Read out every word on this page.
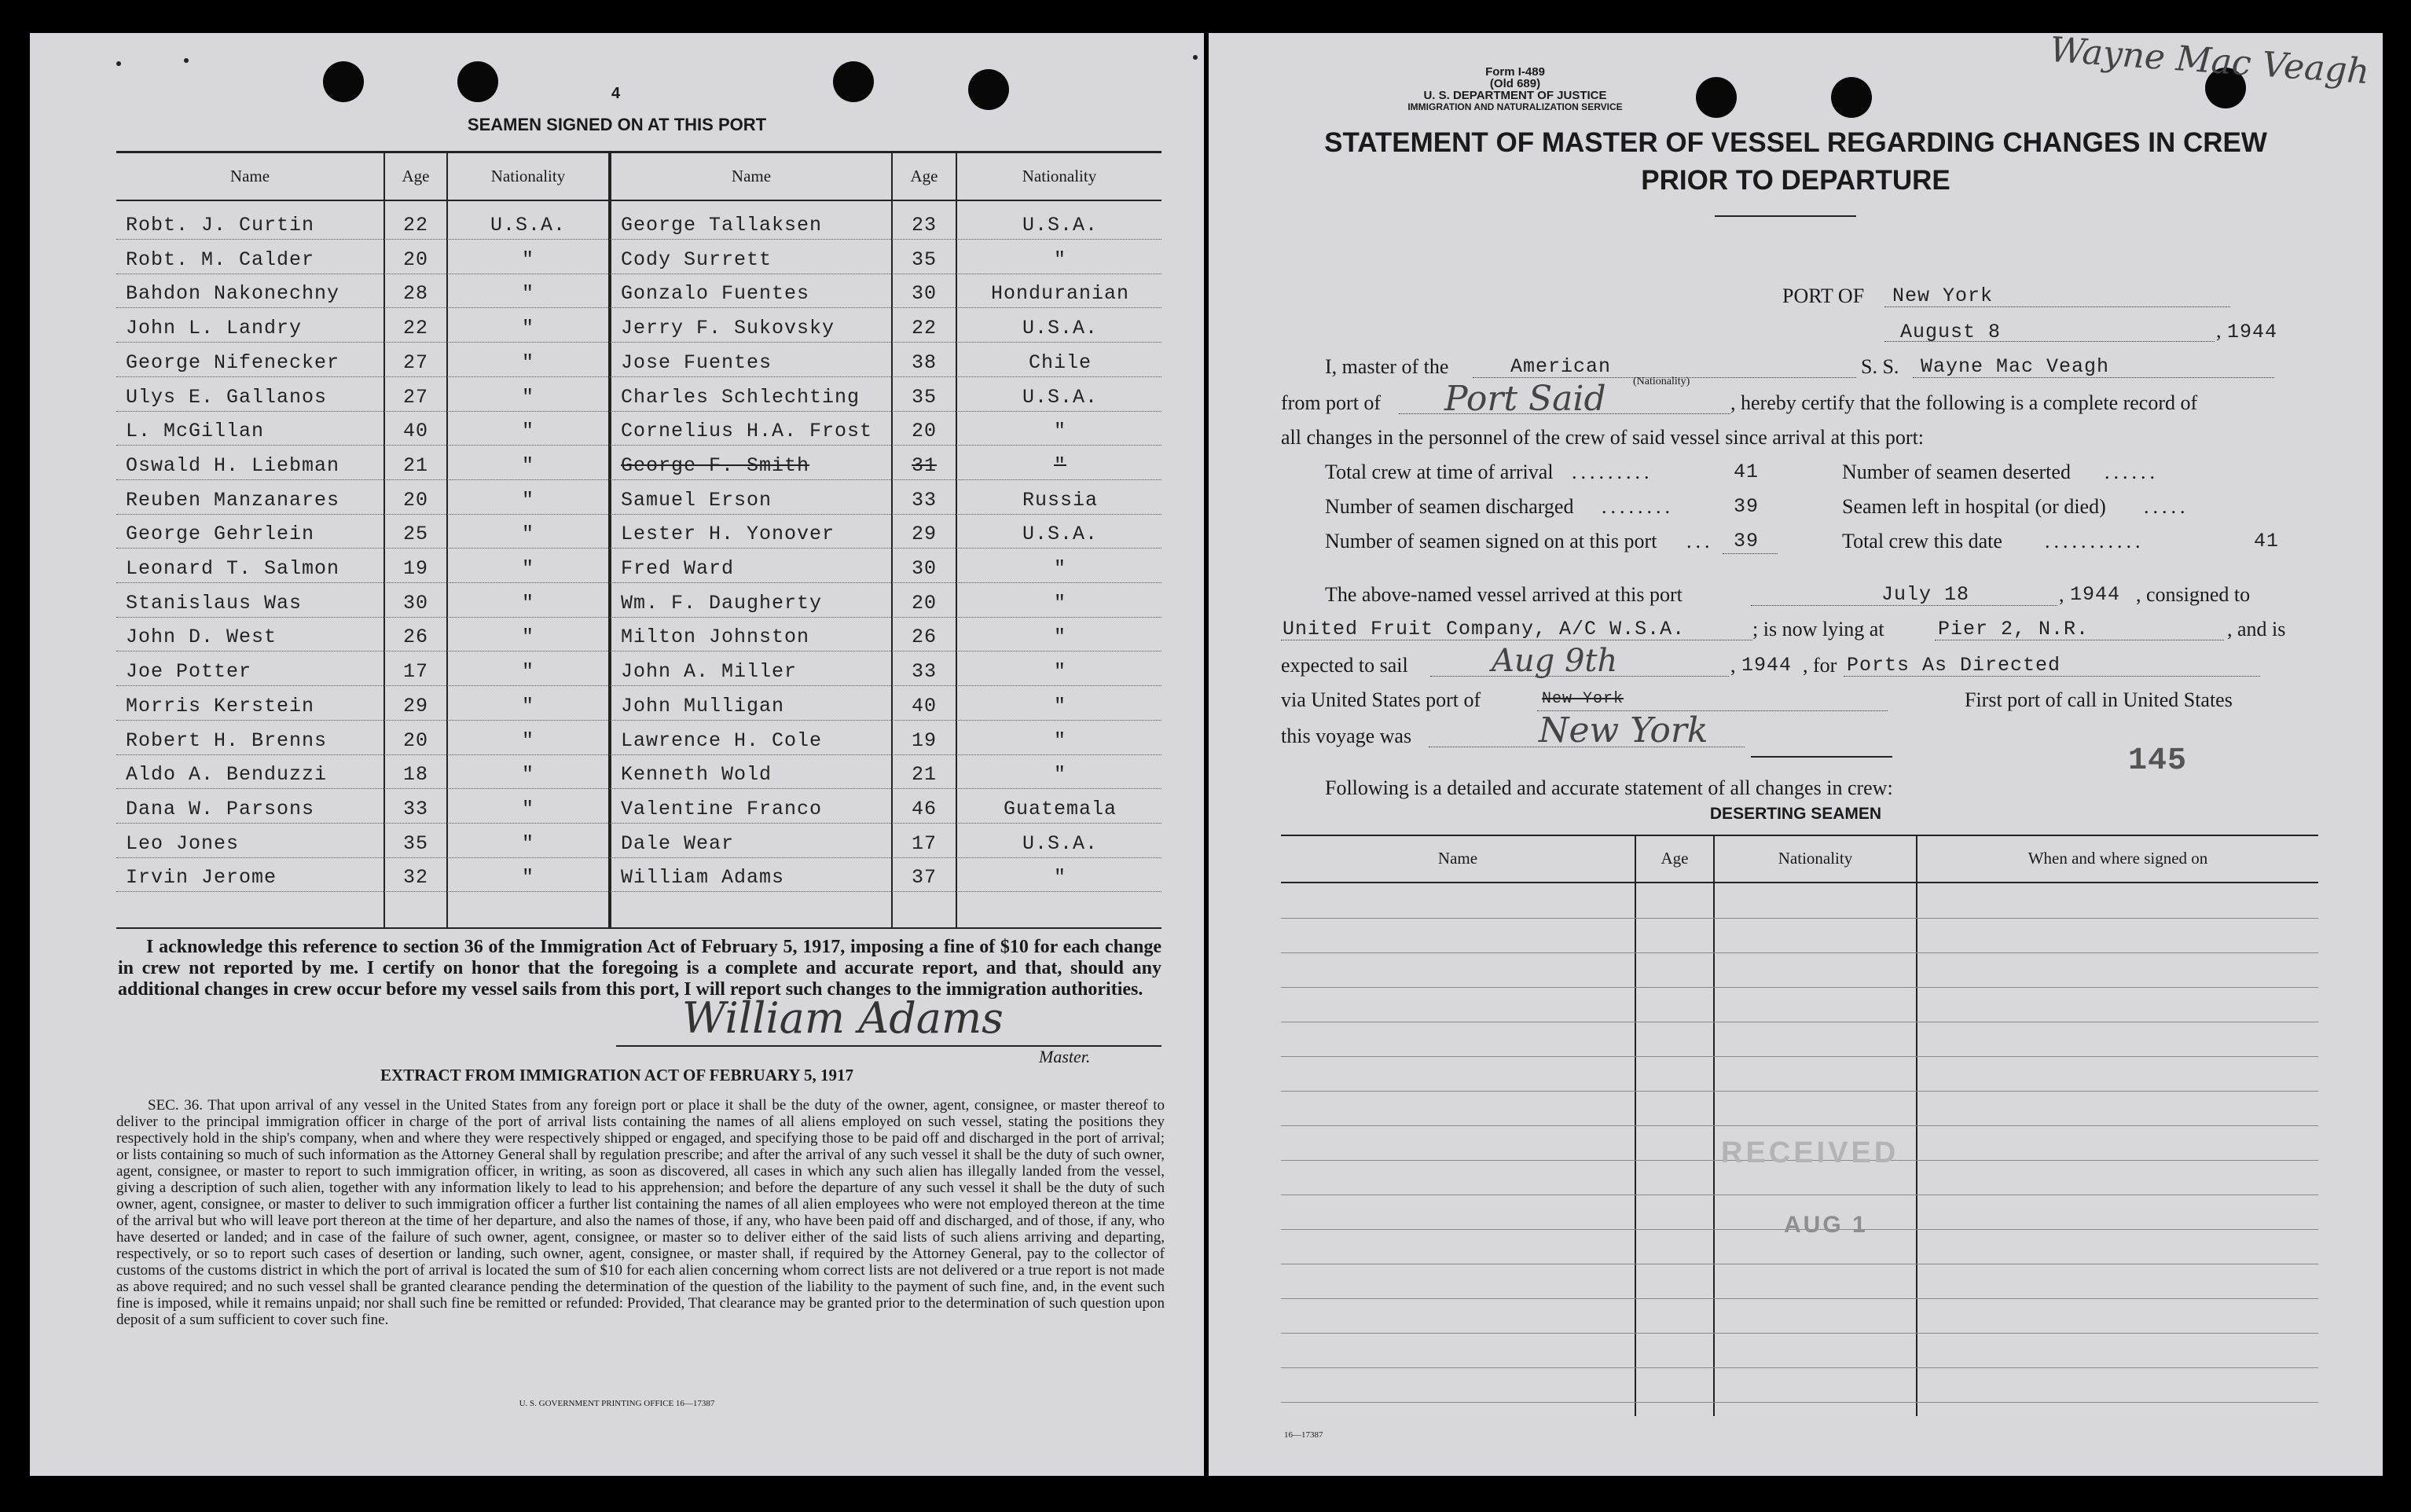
4
SEAMEN SIGNED ON AT THIS PORT
Name	Age	Nationality	Name	Age	Nationality
Robt. J. Curtin	22	U.S.A.	George Tallaksen	23	U.S.A.
Robt. M. Calder	20	"	Cody Surrett	35	"
Bahdon Nakonechny	28	"	Gonzalo Fuentes	30	Honduranian
John L. Landry	22	"	Jerry F. Sukovsky	22	U.S.A.
George Nifenecker	27	"	Jose Fuentes	38	Chile
Ulys E. Gallanos	27	"	Charles Schlechting	35	U.S.A.
L. McGillan	40	"	Cornelius H.A. Frost	20	"
Oswald H. Liebman	21	"	George F. Smith	31	"
Reuben Manzanares	20	"	Samuel Erson	33	Russia
George Gehrlein	25	"	Lester H. Yonover	29	U.S.A.
Leonard T. Salmon	19	"	Fred Ward	30	"
Stanislaus Was	30	"	Wm. F. Daugherty	20	"
John D. West	26	"	Milton Johnston	26	"
Joe Potter	17	"	John A. Miller	33	"
Morris Kerstein	29	"	John Mulligan	40	"
Robert H. Brenns	20	"	Lawrence H. Cole	19	"
Aldo A. Benduzzi	18	"	Kenneth Wold	21	"
Dana W. Parsons	33	"	Valentine Franco	46	Guatemala
Leo Jones	35	"	Dale Wear	17	U.S.A.
Irvin Jerome	32	"	William Adams	37	"
I acknowledge this reference to section 36 of the Immigration Act of February 5, 1917, imposing a fine of $10 for each change in crew not reported by me. I certify on honor that the foregoing is a complete and accurate report, and that, should any additional changes in crew occur before my vessel sails from this port, I will report such changes to the immigration authorities.
William Adams
Master.
EXTRACT FROM IMMIGRATION ACT OF FEBRUARY 5, 1917
SEC. 36. That upon arrival of any vessel in the United States from any foreign port or place it shall be the duty of the owner, agent, consignee, or master thereof to deliver to the principal immigration officer in charge of the port of arrival lists containing the names of all aliens employed on such vessel, stating the positions they respectively hold in the ship's company, when and where they were respectively shipped or engaged, and specifying those to be paid off and discharged in the port of arrival; or lists containing so much of such information as the Attorney General shall by regulation prescribe; and after the arrival of any such vessel it shall be the duty of such owner, agent, consignee, or master to report to such immigration officer, in writing, as soon as discovered, all cases in which any such alien has illegally landed from the vessel, giving a description of such alien, together with any information likely to lead to his apprehension; and before the departure of any such vessel it shall be the duty of such owner, agent, consignee, or master to deliver to such immigration officer a further list containing the names of all alien employees who were not employed thereon at the time of the arrival but who will leave port thereon at the time of her departure, and also the names of those, if any, who have been paid off and discharged, and of those, if any, who have deserted or landed; and in case of the failure of such owner, agent, consignee, or master so to deliver either of the said lists of such aliens arriving and departing, respectively, or so to report such cases of desertion or landing, such owner, agent, consignee, or master shall, if required by the Attorney General, pay to the collector of customs of the customs district in which the port of arrival is located the sum of $10 for each alien concerning whom correct lists are not delivered or a true report is not made as above required; and no such vessel shall be granted clearance pending the determination of the question of the liability to the payment of such fine, and, in the event such fine is imposed, while it remains unpaid; nor shall such fine be remitted or refunded: Provided, That clearance may be granted prior to the determination of such question upon deposit of a sum sufficient to cover such fine.
U. S. GOVERNMENT PRINTING OFFICE 16—17387
Form I-489
(Old 689)
U. S. DEPARTMENT OF JUSTICE
IMMIGRATION AND NATURALIZATION SERVICE
Wayne Mac Veagh
STATEMENT OF MASTER OF VESSEL REGARDING CHANGES IN CREW
PRIOR TO DEPARTURE
PORT OF New York
August 8	, 1944
I, master of the	American
(Nationality)
S. S. Wayne Mac Veagh
from port of Port Said	, hereby certify that the following is a complete record of
all changes in the personnel of the crew of said vessel since arrival at this port:
Total crew at time of arrival .........	41
Number of seamen discharged ........	39
Number of seamen signed on at this port ... 39
Number of seamen deserted ......
Seamen left in hospital (or died) .....
Total crew this date ...........	41
The above-named vessel arrived at this port	July 18	, 1944 , consigned to
United Fruit Company, A/C W.S.A.	; is now lying at	Pier 2, N.R.	, and is
expected to sail	Aug 9th	, 1944 , for Ports As Directed
via United States port of	New York	First port of call in United States
this voyage was	New York
145
Following is a detailed and accurate statement of all changes in crew:
DESERTING SEAMEN
Name	Age	Nationality	When and where signed on
RECEIVED
AUG 1
16—17387
